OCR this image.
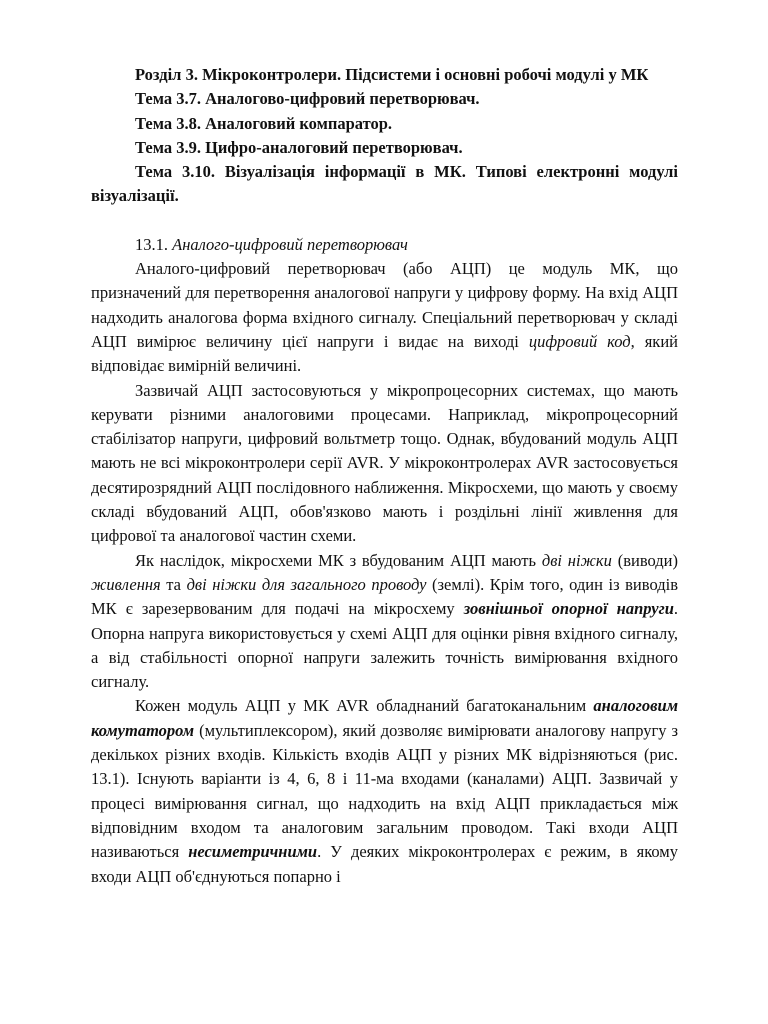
Розділ 3. Мікроконтролери. Підсистеми і основні робочі модулі у МК

Тема 3.7. Аналогово-цифровий перетворювач.

Тема 3.8. Аналоговий компаратор.

Тема 3.9. Цифро-аналоговий перетворювач.

Тема 3.10. Візуалізація інформації в МК. Типові електронні модулі візуалізації.

13.1. Аналого-цифровий перетворювач

Аналого-цифровий перетворювач (або АЦП) це модуль МК, що призначений для перетворення аналогової напруги у цифрову форму. На вхід АЦП надходить аналогова форма вхідного сигналу. Спеціальний перетворювач у складі АЦП вимірює величину цієї напруги і видає на виході цифровий код, який відповідає вимірній величині.

Зазвичай АЦП застосовуються у мікропроцесорних системах, що мають керувати різними аналоговими процесами. Наприклад, мікропроцесорний стабілізатор напруги, цифровий вольтметр тощо. Однак, вбудований модуль АЦП мають не всі мікроконтролери серії AVR. У мікроконтролерах AVR застосовується десятирозрядний АЦП послідовного наближення. Мікросхеми, що мають у своєму складі вбудований АЦП, обов'язково мають і роздільні лінії живлення для цифрової та аналогової частин схеми.

Як наслідок, мікросхеми МК з вбудованим АЦП мають дві ніжки (виводи) живлення та дві ніжки для загального проводу (землі). Крім того, один із виводів МК є зарезервованим для подачі на мікросхему зовнішньої опорної напруги. Опорна напруга використовується у схемі АЦП для оцінки рівня вхідного сигналу, а від стабільності опорної напруги залежить точність вимірювання вхідного сигналу.

Кожен модуль АЦП у МК AVR обладнаний багатоканальним аналоговим комутатором (мультиплексором), який дозволяє вимірювати аналогову напругу з декількох різних входів. Кількість входів АЦП у різних МК відрізняються (рис. 13.1). Існують варіанти із 4, 6, 8 і 11-ма входами (каналами) АЦП. Зазвичай у процесі вимірювання сигнал, що надходить на вхід АЦП прикладається між відповідним входом та аналоговим загальним проводом. Такі входи АЦП називаються несиметричними. У деяких мікроконтролерах є режим, в якому входи АЦП об'єднуються попарно і
